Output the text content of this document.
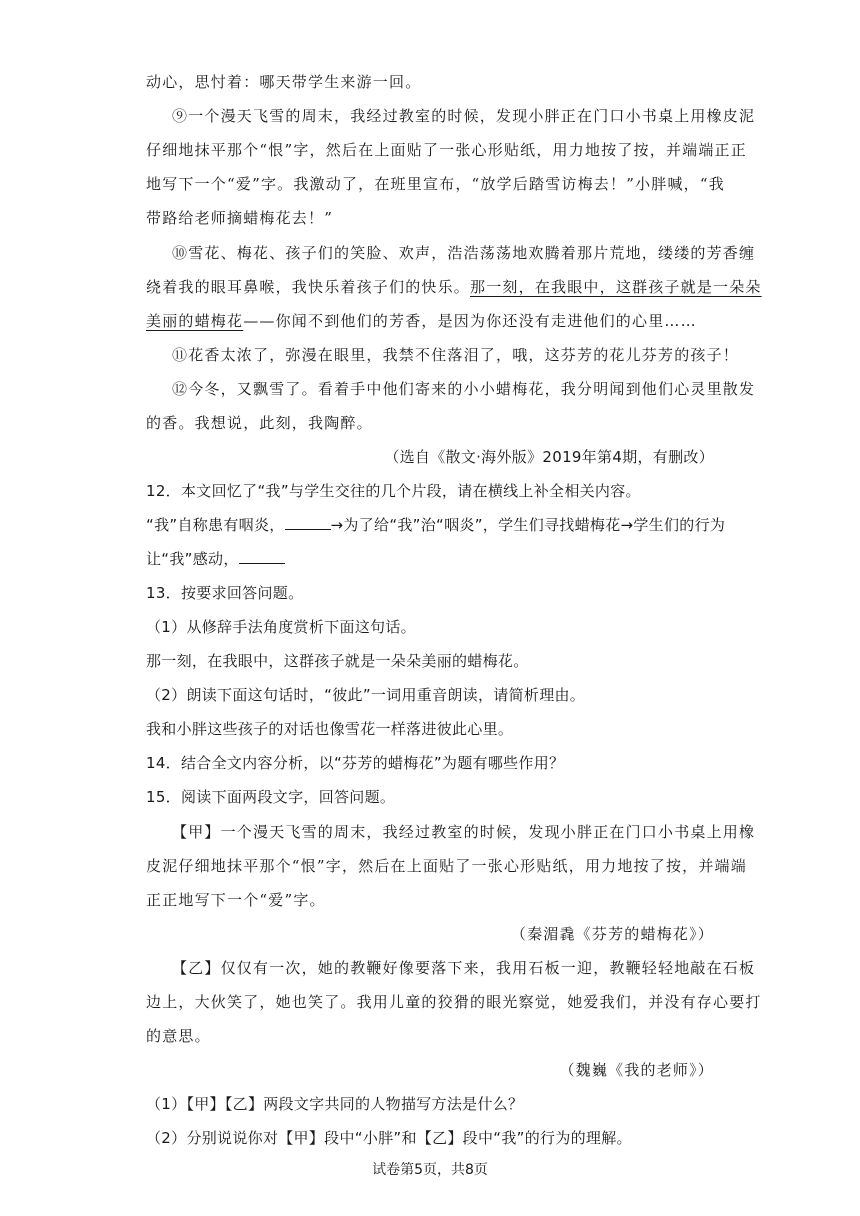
动心，思忖着：哪天带学生来游一回。
⑨一个漫天飞雪的周末，我经过教室的时候，发现小胖正在门口小书桌上用橡皮泥
仔细地抹平那个“恨”字，然后在上面贴了一张心形贴纸，用力地按了按，并端端正正
地写下一个“爱”字。我激动了，在班里宣布，“放学后踏雪访梅去！”小胖喊，“我
带路给老师摘蜡梅花去！”
⑩雪花、梅花、孩子们的笑脸、欢声，浩浩荡荡地欢腾着那片荒地，缕缕的芳香缠
绕着我的眼耳鼻喉，我快乐着孩子们的快乐。那一刻，在我眼中，这群孩子就是一朵朵
美丽的蜡梅花——你闻不到他们的芳香，是因为你还没有走进他们的心里……
⑪花香太浓了，弥漫在眼里，我禁不住落泪了，哦，这芬芳的花儿芬芳的孩子！
⑫今冬，又飘雪了。看着手中他们寄来的小小蜡梅花，我分明闻到他们心灵里散发
的香。我想说，此刻，我陶醉。
（选自《散文·海外版》2019年第4期，有删改）
12．本文回忆了“我”与学生交往的几个片段，请在横线上补全相关内容。
“我”自称患有咽炎，	→为了给“我”治“咽炎”，学生们寻找蜡梅花→学生们的行为
让“我”感动，
13．按要求回答问题。
（1）从修辞手法角度赏析下面这句话。
那一刻，在我眼中，这群孩子就是一朵朵美丽的蜡梅花。
（2）朗读下面这句话时，“彼此”一词用重音朗读，请简析理由。
我和小胖这些孩子的对话也像雪花一样落进彼此心里。
14．结合全文内容分析，以“芬芳的蜡梅花”为题有哪些作用？
15．阅读下面两段文字，回答问题。
【甲】一个漫天飞雪的周末，我经过教室的时候，发现小胖正在门口小书桌上用橡
皮泥仔细地抹平那个“恨”字，然后在上面贴了一张心形贴纸，用力地按了按，并端端
正正地写下一个“爱”字。
（秦湄毳《芬芳的蜡梅花》）
【乙】仅仅有一次，她的教鞭好像要落下来，我用石板一迎，教鞭轻轻地敲在石板
边上，大伙笑了，她也笑了。我用儿童的狡猾的眼光察觉，她爱我们，并没有存心要打
的意思。
（魏巍《我的老师》）
（1）【甲】【乙】两段文字共同的人物描写方法是什么？
（2）分别说说你对【甲】段中“小胖”和【乙】段中“我”的行为的理解。
试卷第5页，共8页
